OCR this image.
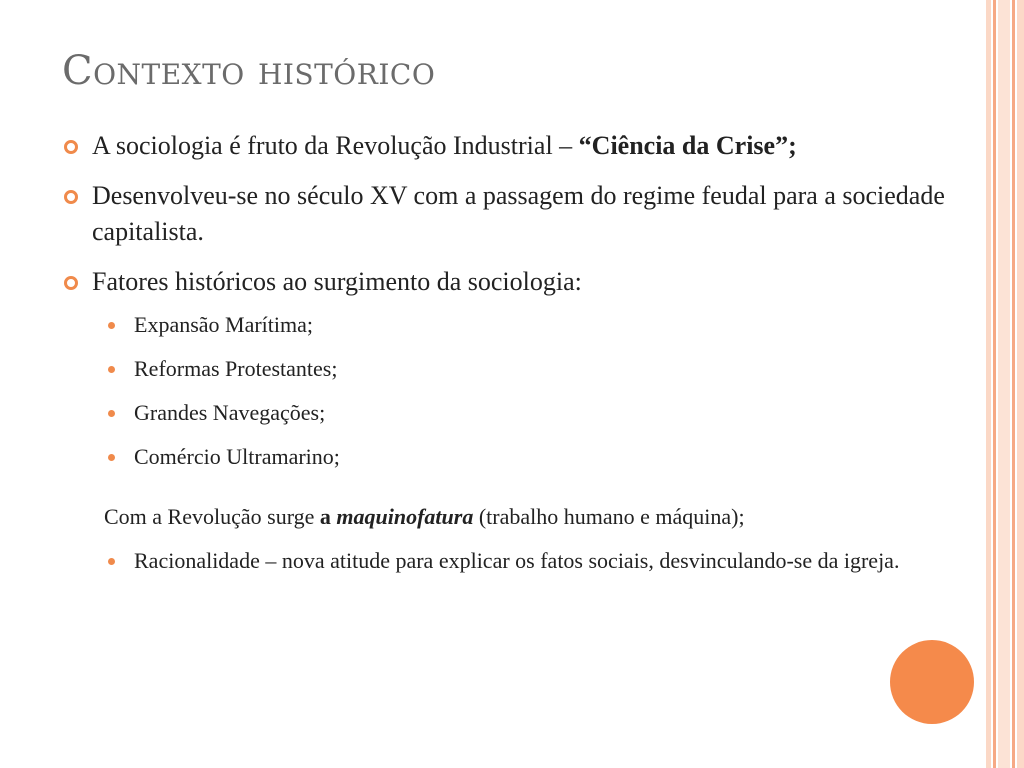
Contexto histórico
A sociologia é fruto da Revolução Industrial – “Ciência da Crise”;
Desenvolveu-se no século XV com a passagem do regime feudal para a sociedade capitalista.
Fatores históricos ao surgimento da sociologia:
Expansão Marítima;
Reformas Protestantes;
Grandes Navegações;
Comércio Ultramarino;
Com a Revolução surge a maquinofatura (trabalho humano e máquina);
Racionalidade – nova atitude para explicar os fatos sociais, desvinculando-se da igreja.
